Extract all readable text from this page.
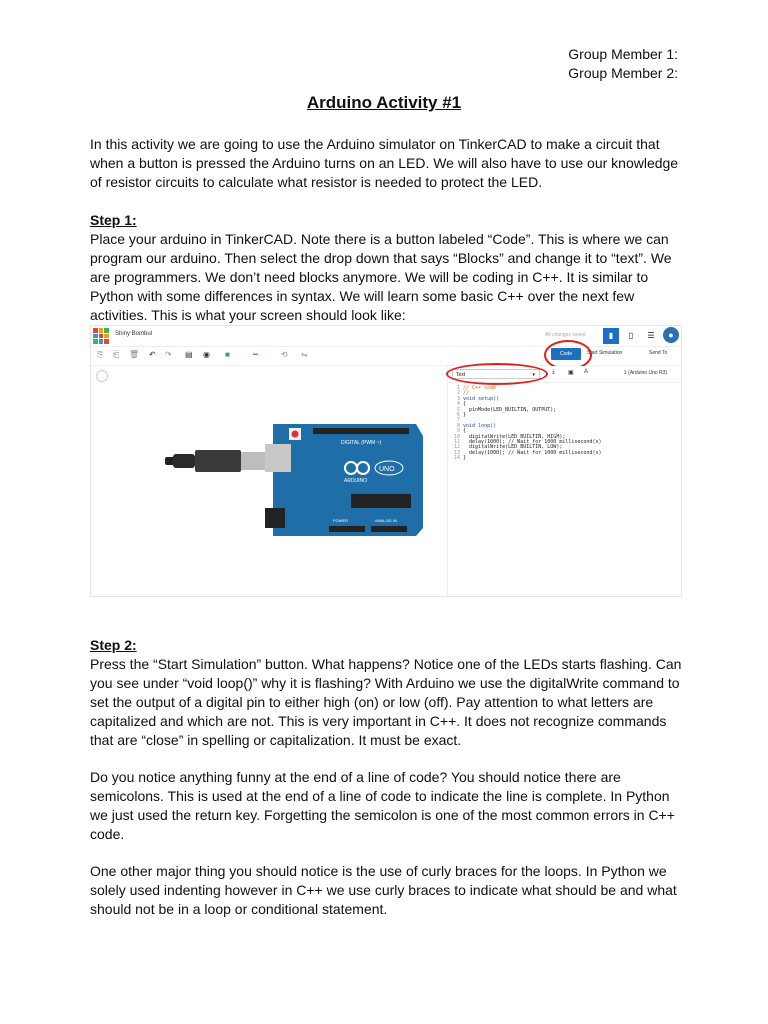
Group Member 1:
Group Member 2:
Arduino Activity #1

In this activity we are going to use the Arduino simulator on TinkerCAD to make a circuit that when a button is pressed the Arduino turns on an LED. We will also have to use our knowledge of resistor circuits to calculate what resistor is needed to protect the LED.

Step 1:
Place your arduino in TinkerCAD. Note there is a button labeled “Code”. This is where we can program our arduino. Then select the drop down that says “Blocks” and change it to “text”. We are programmers. We don’t need blocks anymore. We will be coding in C++. It is similar to Python with some differences in syntax. We will learn some basic C++ over the next few activities. This is what your screen should look like:

Shiny Bombul	All changes saved	▮	▯	☰	●
⎘ ⎗ 🗑 ↶ ↷ ▤ ◉ ■	━	⟲ ⇋	Code	Start Simulation	Send To
DIGITAL (PWM ~)
ARDUINO
UNO
POWER	ANALOG IN
Text	▾	⤓ ▣ A	1 (Arduino Uno R3)
1 // C++ code
2 //
3 void setup()
4 {
5  pinMode(LED_BUILTIN, OUTPUT);
6 }
7
8 void loop()
9 {
10  digitalWrite(LED_BUILTIN, HIGH);
11  delay(1000); // Wait for 1000 millisecond(s)
12  digitalWrite(LED_BUILTIN, LOW);
13  delay(1000); // Wait for 1000 millisecond(s)
14 }

Step 2:
Press the “Start Simulation” button. What happens? Notice one of the LEDs starts flashing. Can you see under “void loop()” why it is flashing? With Arduino we use the digitalWrite command to set the output of a digital pin to either high (on) or low (off). Pay attention to what letters are capitalized and which are not. This is very important in C++. It does not recognize commands that are “close” in spelling or capitalization. It must be exact.

Do you notice anything funny at the end of a line of code? You should notice there are semicolons. This is used at the end of a line of code to indicate the line is complete. In Python we just used the return key. Forgetting the semicolon is one of the most common errors in C++ code.

One other major thing you should notice is the use of curly braces for the loops. In Python we solely used indenting however in C++ we use curly braces to indicate what should be and what should not be in a loop or conditional statement.
